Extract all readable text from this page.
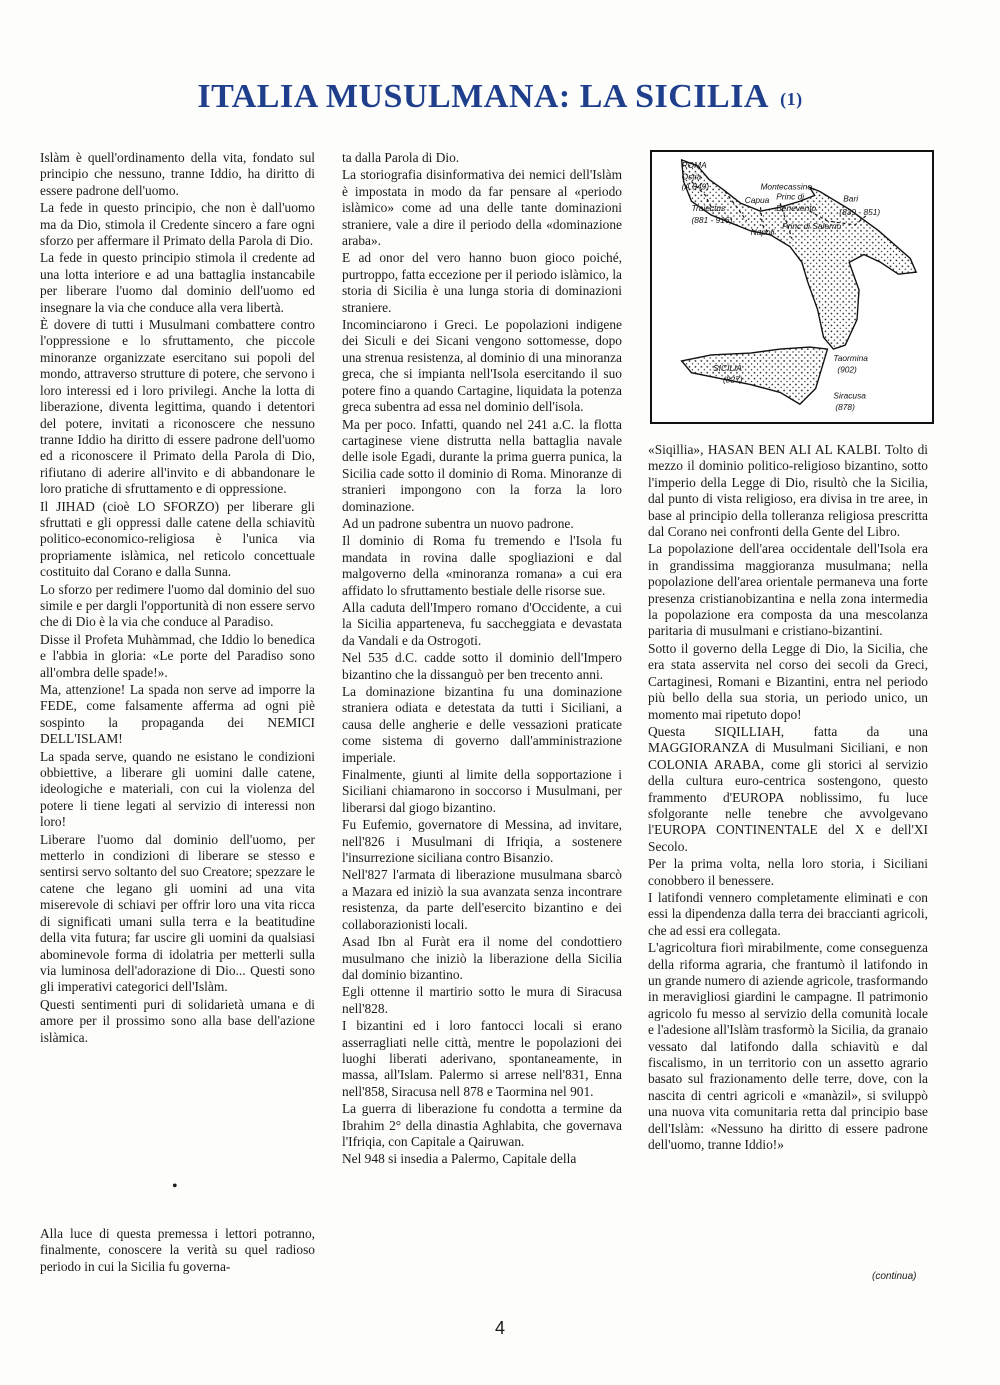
ITALIA MUSULMANA: LA SICILIA (1)

Islàm è quell'ordinamento della vita, fondato sul principio che nessuno, tranne Iddio, ha diritto di essere padrone dell'uomo.

La fede in questo principio, che non è dall'uomo ma da Dio, stimola il Credente sincero a fare ogni sforzo per affermare il Primato della Parola di Dio.

La fede in questo principio stimola il credente ad una lotta interiore e ad una battaglia instancabile per liberare l'uomo dal dominio dell'uomo ed insegnare la via che conduce alla vera libertà.

È dovere di tutti i Musulmani combattere contro l'oppressione e lo sfruttamento, che piccole minoranze organizzate esercitano sui popoli del mondo, attraverso strutture di potere, che servono i loro interessi ed i loro privilegi. Anche la lotta di liberazione, diventa legittima, quando i detentori del potere, invitati a riconoscere che nessuno tranne Iddio ha diritto di essere padrone dell'uomo ed a riconoscere il Primato della Parola di Dio, rifiutano di aderire all'invito e di abbandonare le loro pratiche di sfruttamento e di oppressione.

Il JIHAD (cioè LO SFORZO) per liberare gli sfruttati e gli oppressi dalle catene della schiavitù politico-economico-religiosa è l'unica via propriamente islàmica, nel reticolo concettuale costituito dal Corano e dalla Sunna.

Lo sforzo per redimere l'uomo dal dominio del suo simile e per dargli l'opportunità di non essere servo che di Dio è la via che conduce al Paradiso.

Disse il Profeta Muhàmmad, che Iddio lo benedica e l'abbia in gloria: «Le porte del Paradiso sono all'ombra delle spade!».

Ma, attenzione! La spada non serve ad imporre la FEDE, come falsamente afferma ad ogni piè sospinto la propaganda dei NEMICI DELL'ISLAM!

La spada serve, quando ne esistano le condizioni obbiettive, a liberare gli uomini dalle catene, ideologiche e materiali, con cui la violenza del potere li tiene legati al servizio di interessi non loro!

Liberare l'uomo dal dominio dell'uomo, per metterlo in condizioni di liberare se stesso e sentirsi servo soltanto del suo Creatore; spezzare le catene che legano gli uomini ad una vita miserevole di schiavi per offrir loro una vita ricca di significati umani sulla terra e la beatitudine della vita futura; far uscire gli uomini da qualsiasi abominevole forma di idolatria per metterli sulla via luminosa dell'adorazione di Dio... Questi sono gli imperativi categorici dell'Islàm.

Questi sentimenti puri di solidarietà umana e di amore per il prossimo sono alla base dell'azione islàmica.

•

Alla luce di questa premessa i lettori potranno, finalmente, conoscere la verità su quel radioso periodo in cui la Sicilia fu governa-

ta dalla Parola di Dio.

La storiografia disinformativa dei nemici dell'Islàm è impostata in modo da far pensare al «periodo islàmico» come ad una delle tante dominazioni straniere, vale a dire il periodo della «dominazione araba».

E ad onor del vero hanno buon gioco poiché, purtroppo, fatta eccezione per il periodo islàmico, la storia di Sicilia è una lunga storia di dominazioni straniere.

Incominciarono i Greci. Le popolazioni indigene dei Siculi e dei Sicani vengono sottomesse, dopo una strenua resistenza, al dominio di una minoranza greca, che si impiantа nell'Isola esercitando il suo potere fino a quando Cartagine, liquidata la potenza greca subentra ad essa nel dominio dell'isola.

Ma per poco. Infatti, quando nel 241 a.C. la flotta cartaginese viene distrutta nella battaglia navale delle isole Egadi, durante la prima guerra punica, la Sicilia cade sotto il dominio di Roma. Minoranze di stranieri impongono con la forza la loro dominazione.

Ad un padrone subentra un nuovo padrone.

Il dominio di Roma fu tremendo e l'Isola fu mandata in rovina dalle spogliazioni e dal malgoverno della «minoranza romana» a cui era affidato lo sfruttamento bestiale delle risorse sue.

Alla caduta dell'Impero romano d'Occidente, a cui la Sicilia apparteneva, fu saccheggiata e devastata da Vandali e da Ostrogoti.

Nel 535 d.C. cadde sotto il dominio dell'Impero bizantino che la dissanguò per ben trecento anni.

La dominazione bizantina fu una dominazione straniera odiata e detestata da tutti i Siciliani, a causa delle angherie e delle vessazioni praticate come sistema di governo dall'amministrazione imperiale.

Finalmente, giunti al limite della sopportazione i Siciliani chiamarono in soccorso i Musulmani, per liberarsi dal giogo bizantino.

Fu Eufemio, governatore di Messina, ad invitare, nell'826 i Musulmani di Ifriqia, a sostenere l'insurrezione siciliana contro Bisanzio.

Nell'827 l'armata di liberazione musulmana sbarcò a Mazara ed iniziò la sua avanzata senza incontrare resistenza, da parte dell'esercito bizantino e dei collaborazionisti locali.

Asad Ibn al Furàt era il nome del condottiero musulmano che iniziò la liberazione della Sicilia dal dominio bizantino.

Egli ottenne il martirio sotto le mura di Siracusa nell'828.

I bizantini ed i loro fantocci locali si erano asserragliati nelle città, mentre le popolazioni dei luoghi liberati aderivano, spontaneamente, in massa, all'Islam. Palermo si arrese nell'831, Enna nell'858, Siracusa nell 878 e Taormina nel 901.

La guerra di liberazione fu condotta a termine da Ibrahim 2° della dinastia Aghlabita, che governava l'Ifriqia, con Capitale a Qairuwan.

Nel 948 si insedia a Palermo, Capitale della

ROMA
Ostia
(A.849)	Montecassino
Capua Princ di
Benevento
Bari
(839 - 851)
Traiectus
(881 - 916)
Napoli
Princ di Salerno
SICILIA
(827)
Taormina
(902)
Siracusa
(878)

«Siqillia», HASAN BEN ALI AL KALBI. Tolto di mezzo il dominio politico-religioso bizantino, sotto l'imperio della Legge di Dio, risultò che la Sicilia, dal punto di vista religioso, era divisa in tre aree, in base al principio della tolleranza religiosa prescritta dal Corano nei confronti della Gente del Libro.

La popolazione dell'area occidentale dell'Isola era in grandissima maggioranza musulmana; nella popolazione dell'area orientale permaneva una forte presenza cristianobizantina e nella zona intermedia la popolazione era composta da una mescolanza paritaria di musulmani e cristiano-bizantini.

Sotto il governo della Legge di Dio, la Sicilia, che era stata asservita nel corso dei secoli da Greci, Cartaginesi, Romani e Bizantini, entra nel periodo più bello della sua storia, un periodo unico, un momento mai ripetuto dopo!

Questa SIQILLIAH, fatta da una MAGGIORANZA di Musulmani Siciliani, e non COLONIA ARABA, come gli storici al servizio della cultura euro-centrica sostengono, questo frammento d'EUROPA noblissimo, fu luce sfolgorante nelle tenebre che avvolgevano l'EUROPA CONTINENTALE del X e dell'XI Secolo.

Per la prima volta, nella loro storia, i Siciliani conobbero il benessere.

I latifondi vennero completamente eliminati e con essi la dipendenza dalla terra dei braccianti agricoli, che ad essi era collegata.

L'agricoltura fiorì mirabilmente, come conseguenza della riforma agraria, che frantumò il latifondo in un grande numero di aziende agricole, trasformando in meravigliosi giardini le campagne. Il patrimonio agricolo fu messo al servizio della comunità locale e l'adesione all'Islàm trasformò la Sicilia, da granaio vessato dal latifondo dalla schiavitù e dal fiscalismo, in un territorio con un assetto agrario basato sul frazionamento delle terre, dove, con la nascita di centri agricoli e «manàzil», si sviluppò una nuova vita comunitaria retta dal principio base dell'Islàm: «Nessuno ha diritto di essere padrone dell'uomo, tranne Iddio!»

(continua)
4
